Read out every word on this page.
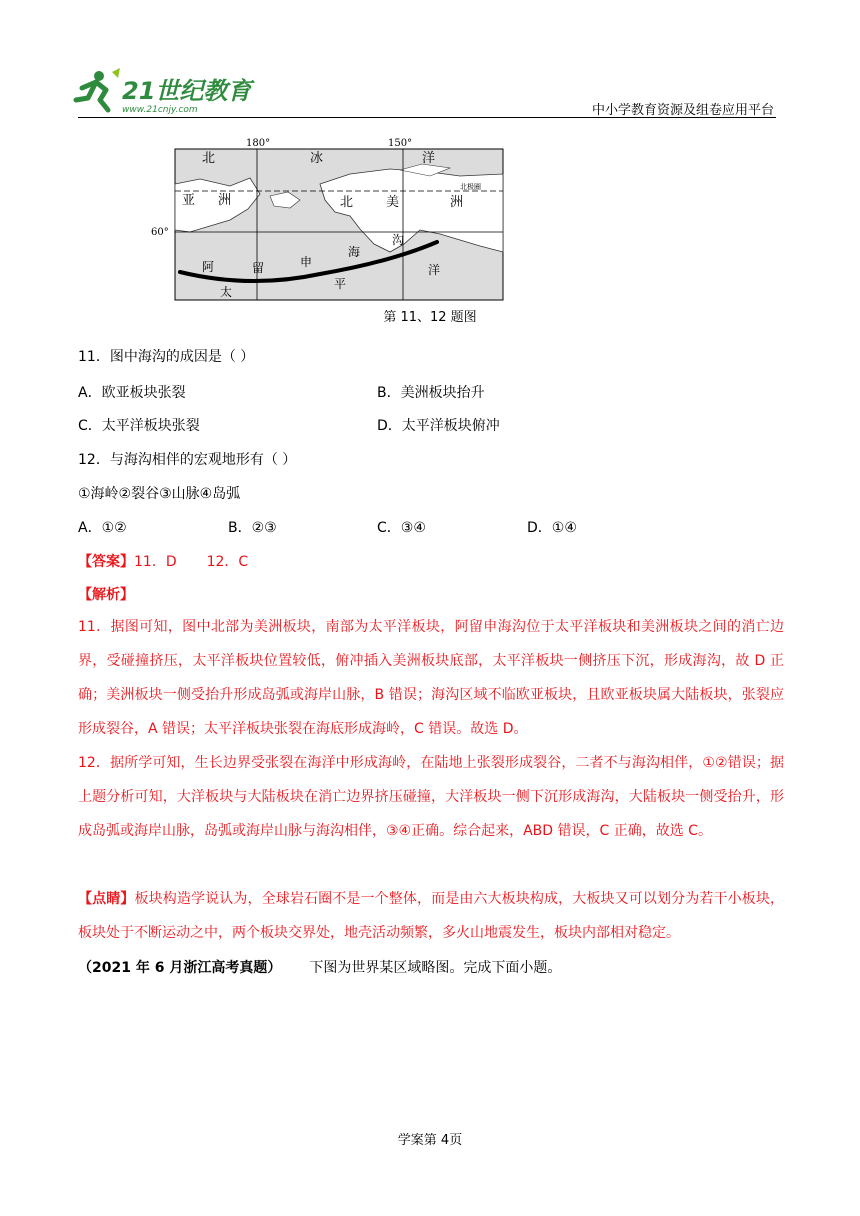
21世纪教育
www.21cnjy.com	中小学教育资源及组卷应用平台
180°	150°
60°
北极圈
北	冰	洋
亚 洲	北	美	洲
阿	留	申
海
沟
太
平
洋
第 11、12 题图
11．图中海沟的成因是（ ）
A．欧亚板块张裂	B．美洲板块抬升
C．太平洋板块张裂	D．太平洋板块俯冲
12．与海沟相伴的宏观地形有（ ）
①海岭②裂谷③山脉④岛弧
A．①②	B．②③	C．③④	D．①④
【答案】11．D 12．C
【解析】
11．据图可知，图中北部为美洲板块，南部为太平洋板块，阿留申海沟位于太平洋板块和美洲板块之间的消亡边界，受碰撞挤压，太平洋板块位置较低，俯冲插入美洲板块底部，太平洋板块一侧挤压下沉，形成海沟，故 D 正确；美洲板块一侧受抬升形成岛弧或海岸山脉，B 错误；海沟区域不临欧亚板块，且欧亚板块属大陆板块，张裂应形成裂谷，A 错误；太平洋板块张裂在海底形成海岭，C 错误。故选 D。
12．据所学可知，生长边界受张裂在海洋中形成海岭，在陆地上张裂形成裂谷，二者不与海沟相伴，①②错误；据上题分析可知，大洋板块与大陆板块在消亡边界挤压碰撞，大洋板块一侧下沉形成海沟，大陆板块一侧受抬升，形成岛弧或海岸山脉，岛弧或海岸山脉与海沟相伴，③④正确。综合起来，ABD 错误，C 正确，故选 C。
【点睛】板块构造学说认为，全球岩石圈不是一个整体，而是由六大板块构成，大板块又可以划分为若干小板块，板块处于不断运动之中，两个板块交界处，地壳活动频繁，多火山地震发生，板块内部相对稳定。
（2021 年 6 月浙江高考真题） 下图为世界某区域略图。完成下面小题。
学案第 4页
